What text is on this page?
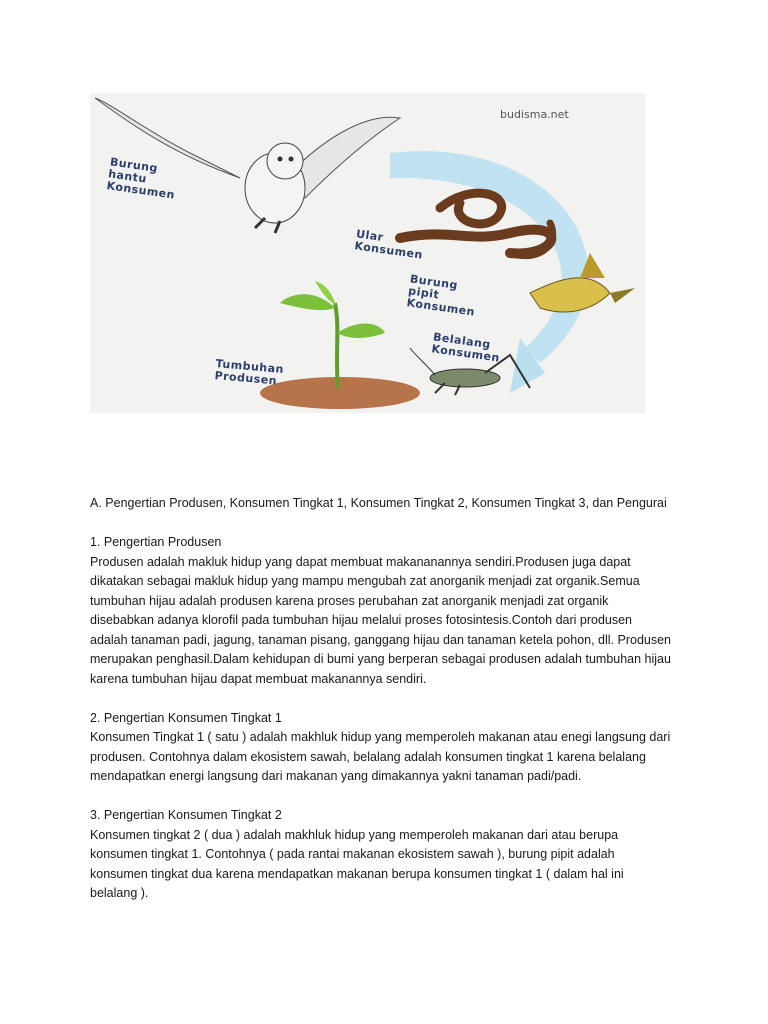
budisma.net
Burung
hantu
Konsumen
Ular
Konsumen
Burung
pipit
Konsumen
Belalang
Konsumen
Tumbuhan
Produsen

A. Pengertian Produsen, Konsumen Tingkat 1, Konsumen Tingkat 2, Konsumen Tingkat 3, dan Pengurai

1. Pengertian Produsen

Produsen adalah makluk hidup yang dapat membuat makananannya sendiri.Produsen juga dapat

dikatakan sebagai makluk hidup yang mampu mengubah zat anorganik menjadi zat organik.Semua

tumbuhan hijau adalah produsen karena proses perubahan zat anorganik menjadi zat organik

disebabkan adanya klorofil pada tumbuhan hijau melalui proses fotosintesis.Contoh dari produsen

adalah tanaman padi, jagung, tanaman pisang, ganggang hijau dan tanaman ketela pohon, dll. Produsen

merupakan penghasil.Dalam kehidupan di bumi yang berperan sebagai produsen adalah tumbuhan hijau

karena tumbuhan hijau dapat membuat makanannya sendiri.

2. Pengertian Konsumen Tingkat 1

Konsumen Tingkat 1 ( satu ) adalah makhluk hidup yang memperoleh makanan atau enegi langsung dari

produsen. Contohnya dalam ekosistem sawah, belalang adalah konsumen tingkat 1 karena belalang

mendapatkan energi langsung dari makanan yang dimakannya yakni tanaman padi/padi.

3. Pengertian Konsumen Tingkat 2

Konsumen tingkat 2 ( dua ) adalah makhluk hidup yang memperoleh makanan dari atau berupa

konsumen tingkat 1. Contohnya ( pada rantai makanan ekosistem sawah ), burung pipit adalah

konsumen tingkat dua karena mendapatkan makanan berupa konsumen tingkat 1 ( dalam hal ini

belalang ).
